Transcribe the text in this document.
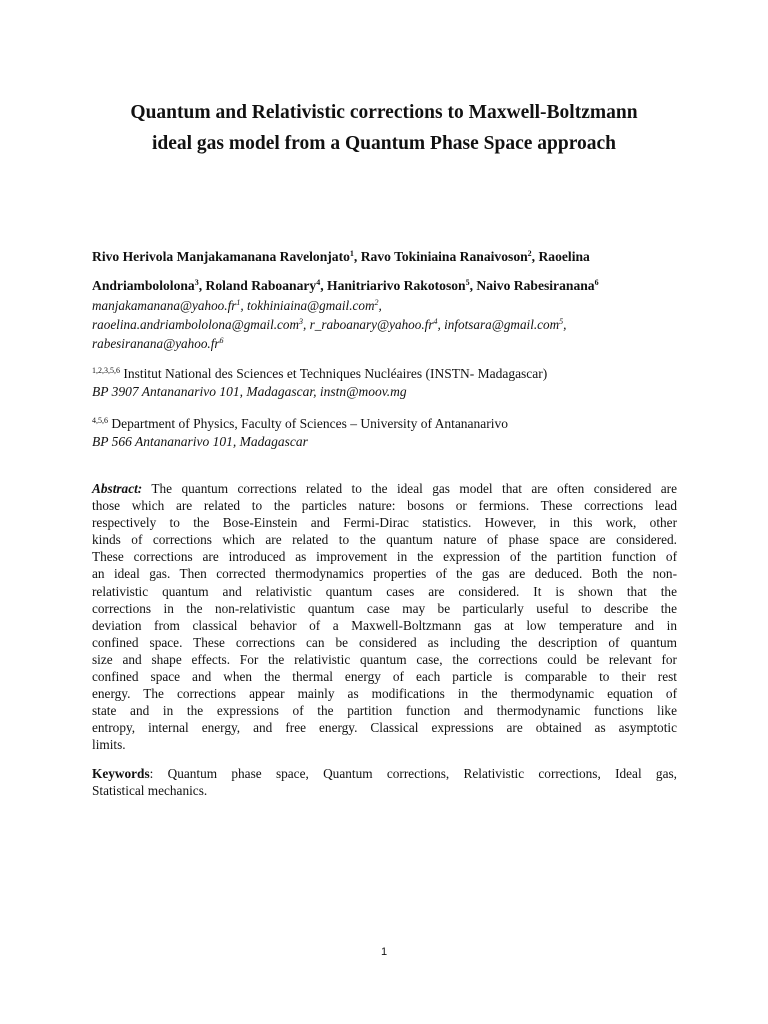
Quantum and Relativistic corrections to Maxwell-Boltzmann
ideal gas model from a Quantum Phase Space approach
Rivo Herivola Manjakamanana Ravelonjato$^1$, Ravo Tokiniaina Ranaivoson$^2$, Raoelina
Andriambololona$^3$, Roland Raboanary$^4$, Hanitriarivo Rakotoson$^5$, Naivo Rabesiranana$^6$
$manjakamanana@yahoo.fr^1$, tokhiniaina@gmail.com$^2$,
raoelina.andriambololona@gmail.com$^3$, $r\_raboanary@yahoo.fr^4$, infotsara@gmail.com$^5$,
$rabesiranana@yahoo.fr^6$
$^{1,2,3,5,6}$ Institut National des Sciences et Techniques Nucléaires (INSTN- Madagascar)
BP 3907 Antananarivo 101, Madagascar, instn@moov.mg
$^{4,5,6}$ Department of Physics, Faculty of Sciences – University of Antananarivo
BP 566 Antananarivo 101, Madagascar
Abstract: The quantum corrections related to the ideal gas model that are often considered are
those which are related to the particles nature: bosons or fermions. These corrections lead
respectively to the Bose-Einstein and Fermi-Dirac statistics. However, in this work, other
kinds of corrections which are related to the quantum nature of phase space are considered.
These corrections are introduced as improvement in the expression of the partition function of
an ideal gas. Then corrected thermodynamics properties of the gas are deduced. Both the non-
relativistic quantum and relativistic quantum cases are considered. It is shown that the
corrections in the non-relativistic quantum case may be particularly useful to describe the
deviation from classical behavior of a Maxwell-Boltzmann gas at low temperature and in
confined space. These corrections can be considered as including the description of quantum
size and shape effects. For the relativistic quantum case, the corrections could be relevant for
confined space and when the thermal energy of each particle is comparable to their rest
energy. The corrections appear mainly as modifications in the thermodynamic equation of
state and in the expressions of the partition function and thermodynamic functions like
entropy, internal energy, and free energy. Classical expressions are obtained as asymptotic
limits.
Keywords: Quantum phase space, Quantum corrections, Relativistic corrections, Ideal gas,
Statistical mechanics.
1
